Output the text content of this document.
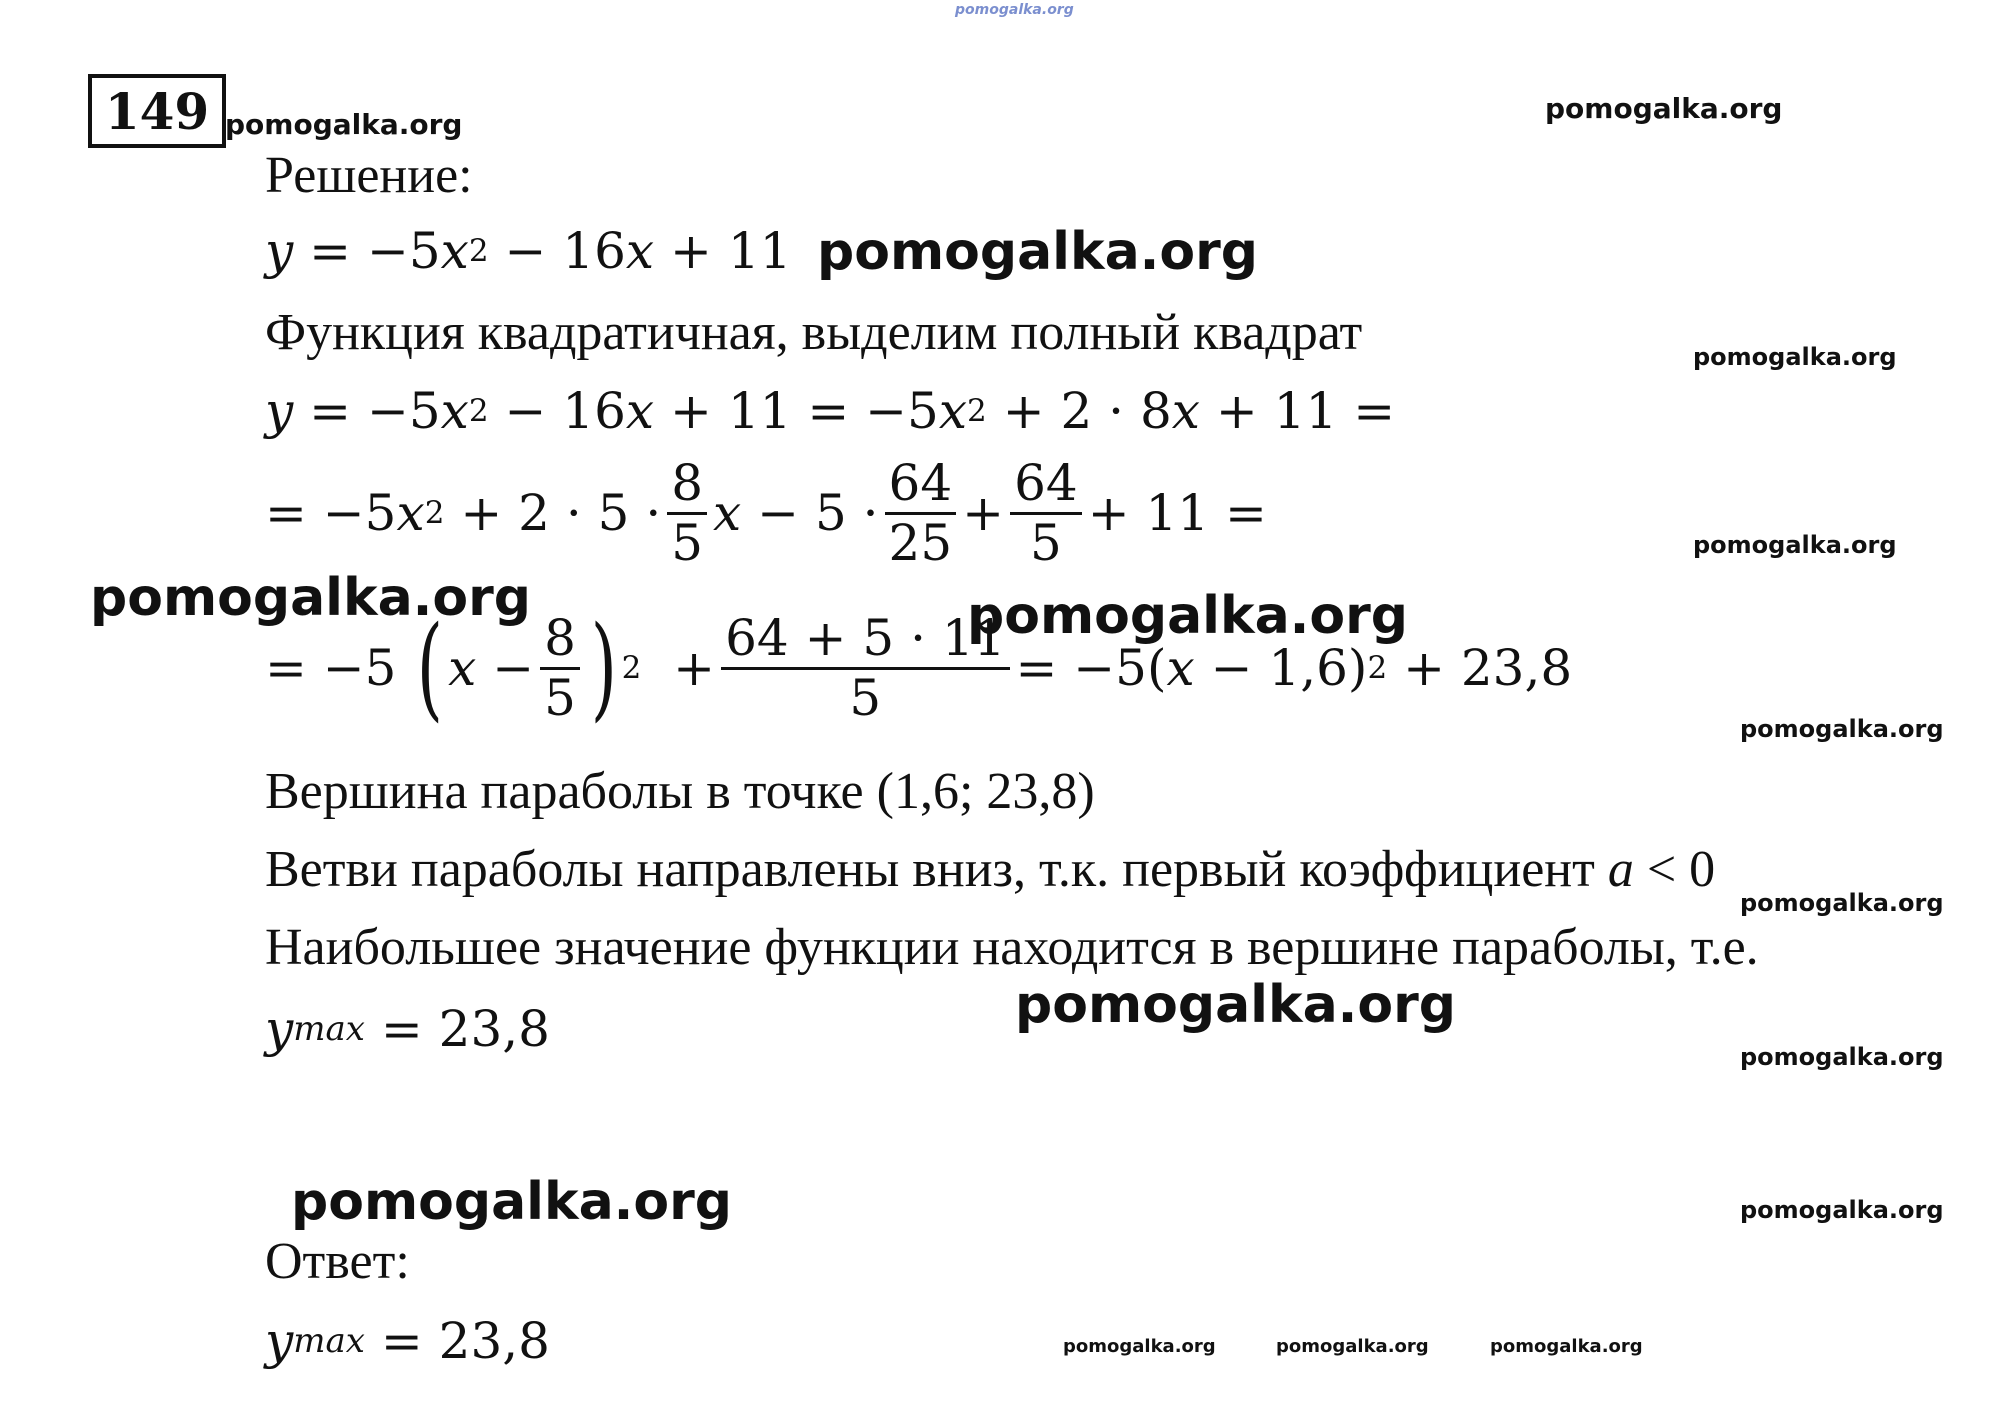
pomogalka.org
149 pomogalka.org	pomogalka.org
pomogalka.org
pomogalka.org
pomogalka.org
pomogalka.org	pomogalka.org
pomogalka.org
pomogalka.org
pomogalka.org
pomogalka.org
pomogalka.org	pomogalka.org
pomogalka.org	pomogalka.org	pomogalka.org
Решение:
y = −5 x 2
− 16 x
+ 11
Функция квадратичная, выделим полный квадрат
y
= −5 x 2
− 16 x
+ 11 = −5 x 2
+ 2 · 8 x
+ 11 =
= −5 x 2
+ $2 \cdot 5 \cdot \frac{8}{5}$ x
− $5 \cdot \frac{64}{25} + \frac{64}{5} + 11$ =
= −5
( x
− $\frac{8}{5}$ ) 2
+ $\frac{64 + 5 \cdot 11}{5} = -5$( x
− 1,6) 2
+ 23,8
Вершина параболы в точке (1,6; 23,8)
Ветви параболы направлены вниз, т.к. первый коэффициент a < 0
Наибольшее значение функции находится в вершине параболы, т.е.
y max
= 23,8
Ответ:
y max
= 23,8
